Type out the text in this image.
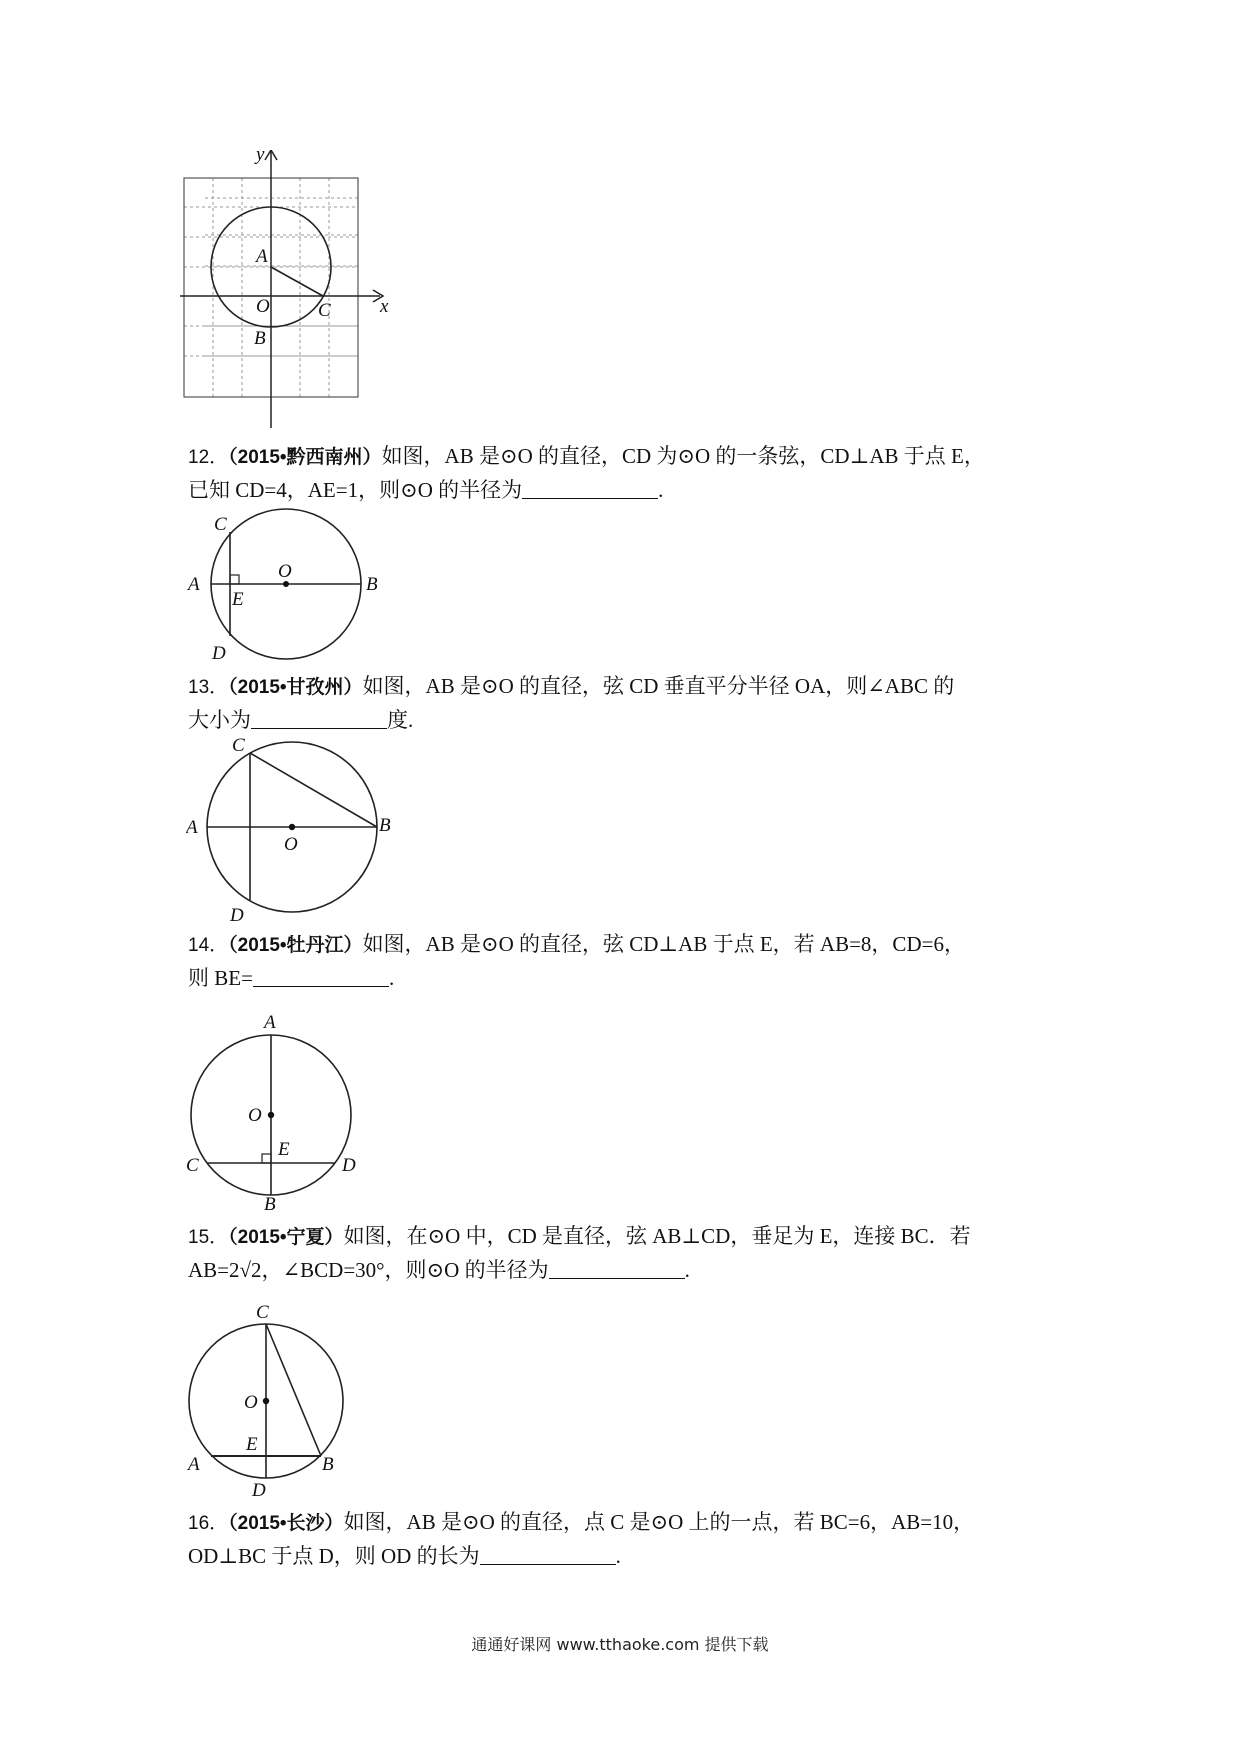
y
x
A
O
B
C
12．（2015•黔西南州）如图，AB 是⊙O 的直径，CD 为⊙O 的一条弦，CD⊥AB 于点 E，
已知 CD=4，AE=1，则⊙O 的半径为	.
C
A
O
B
E
D
13．（2015•甘孜州）如图，AB 是⊙O 的直径，弦 CD 垂直平分半径 OA，则∠ABC 的
大小为	度.
C
A
O
B
D
14．（2015•牡丹江）如图，AB 是⊙O 的直径，弦 CD⊥AB 于点 E，若 AB=8，CD=6，
则 BE=	.
A
O
E
C	D
B
15．（2015•宁夏）如图，在⊙O 中，CD 是直径，弦 AB⊥CD，垂足为 E，连接 BC．若
AB=2√2，∠BCD=30°，则⊙O 的半径为	.
C
O
E
A	B
D
16．（2015•长沙）如图，AB 是⊙O 的直径，点 C 是⊙O 上的一点，若 BC=6，AB=10，
OD⊥BC 于点 D，则 OD 的长为	.
通通好课网 www.tthaoke.com 提供下载
